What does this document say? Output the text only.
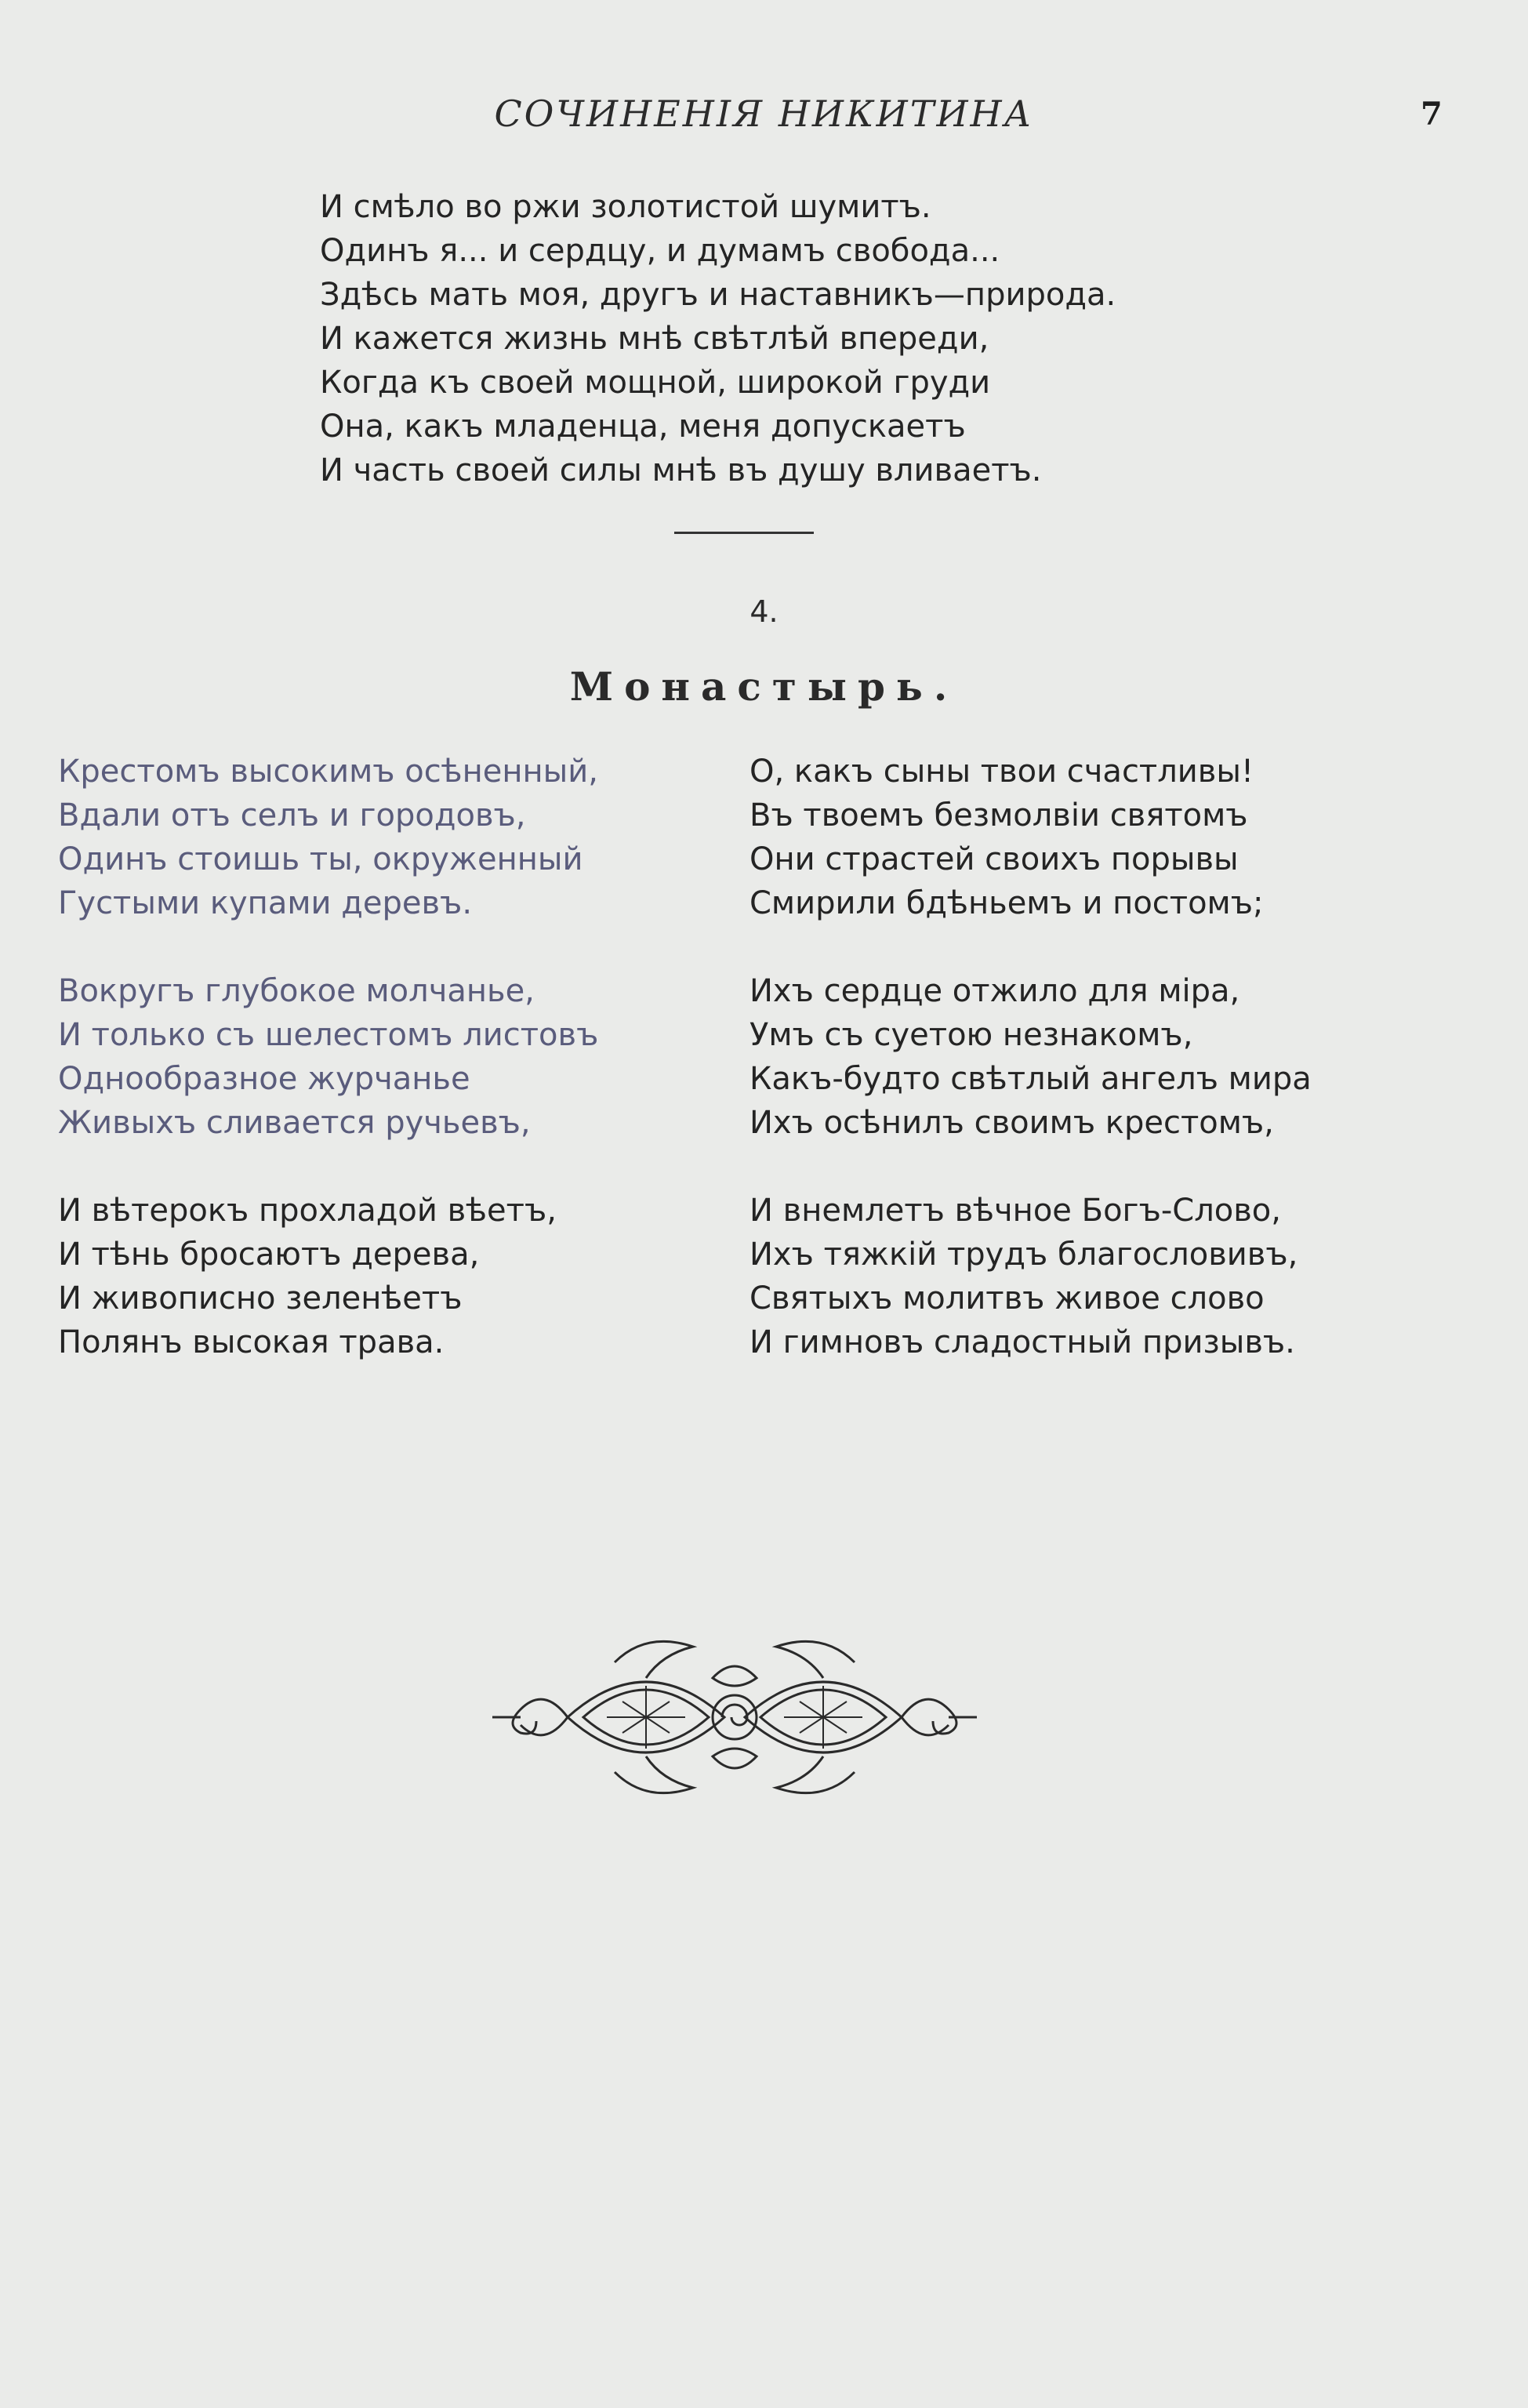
СОЧИНЕНIЯ НИКИТИНА	7
И смѣло во ржи золотистой шумитъ.
Одинъ я... и сердцу, и думамъ свобода...
Здѣсь мать моя, другъ и наставникъ—природа.
И кажется жизнь мнѣ свѣтлѣй впереди,
Когда къ своей мощной, широкой груди
Она, какъ младенца, меня допускаетъ
И часть своей силы мнѣ въ душу вливаетъ.
4.
Монастырь.
Крестомъ высокимъ осѣненный,
Вдали отъ селъ и городовъ,
Одинъ стоишь ты, окруженный
Густыми купами деревъ.
Вокругъ глубокое молчанье,
И только съ шелестомъ листовъ
Однообразное журчанье
Живыхъ сливается ручьевъ,
И вѣтерокъ прохладой вѣетъ,
И тѣнь бросаютъ дерева,
И живописно зеленѣетъ
Полянъ высокая трава.
О, какъ сыны твои счастливы!
Въ твоемъ безмолвіи святомъ
Они страстей своихъ порывы
Смирили бдѣньемъ и постомъ;
Ихъ сердце отжило для міра,
Умъ съ суетою незнакомъ,
Какъ-будто свѣтлый ангелъ мира
Ихъ осѣнилъ своимъ крестомъ,
И внемлетъ вѣчное Богъ-Слово,
Ихъ тяжкій трудъ благословивъ,
Святыхъ молитвъ живое слово
И гимновъ сладостный призывъ.
